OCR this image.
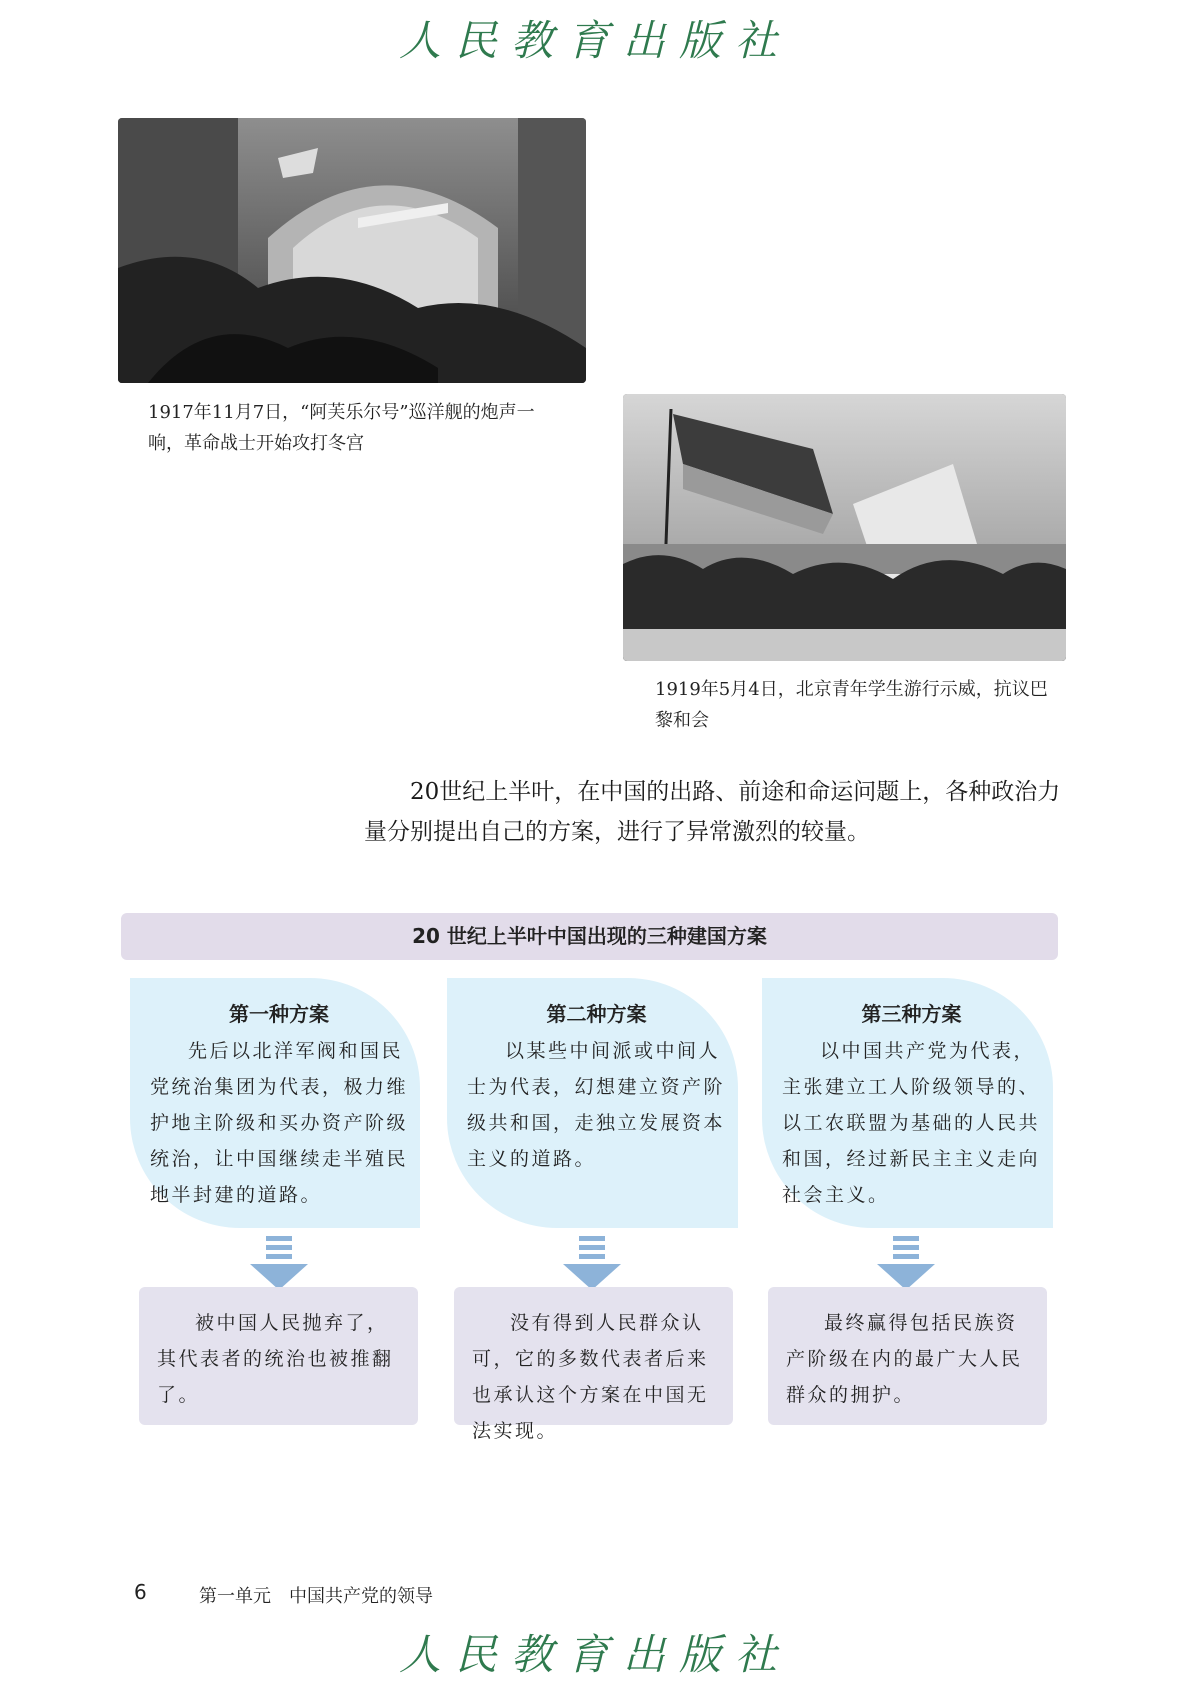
人民教育出版社
1917年11月7日，“阿芙乐尔号”巡洋舰的炮声一响，革命战士开始攻打冬宫
1919年5月4日，北京青年学生游行示威，抗议巴黎和会

20世纪上半叶，在中国的出路、前途和命运问题上，各种政治力量分别提出自己的方案，进行了异常激烈的较量。

20 世纪上半叶中国出现的三种建国方案
第一种方案

先后以北洋军阀和国民党统治集团为代表，极力维护地主阶级和买办资产阶级统治，让中国继续走半殖民地半封建的道路。

第二种方案

以某些中间派或中间人士为代表，幻想建立资产阶级共和国，走独立发展资本主义的道路。

第三种方案

以中国共产党为代表，主张建立工人阶级领导的、以工农联盟为基础的人民共和国，经过新民主主义走向社会主义。

被中国人民抛弃了，其代表者的统治也被推翻了。

没有得到人民群众认可，它的多数代表者后来也承认这个方案在中国无法实现。

最终赢得包括民族资产阶级在内的最广大人民群众的拥护。

6	第一单元　中国共产党的领导
人民教育出版社
